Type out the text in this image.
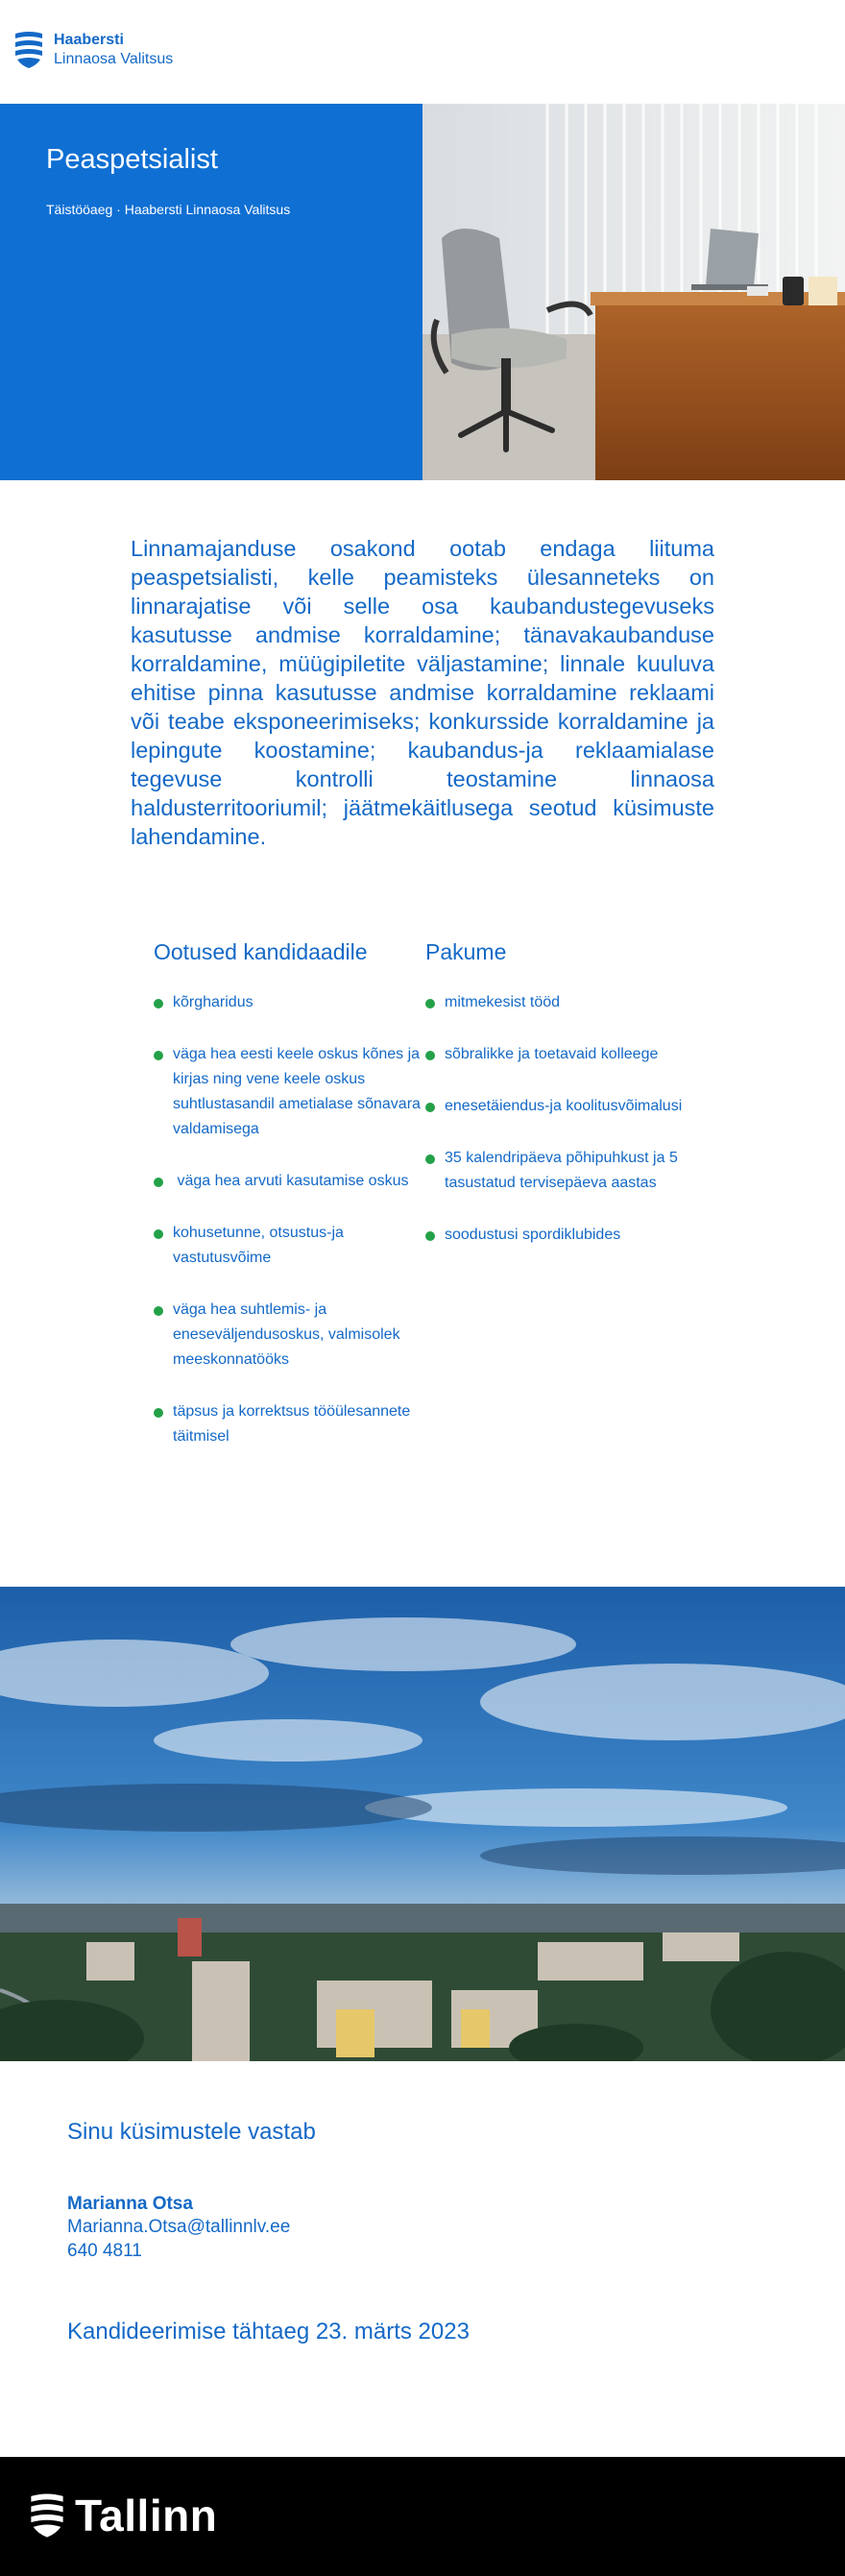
Haabersti
Linnaosa Valitsus
Peaspetsialist
Täistööaeg · Haabersti Linnaosa Valitsus
Linnamajanduse osakond ootab endaga liituma peaspetsialisti, kelle peamisteks ülesanneteks on linnarajatise või selle osa kaubandustegevuseks kasutusse andmise korraldamine; tänavakaubanduse korraldamine, müügipiletite väljastamine; linnale kuuluva ehitise pinna kasutusse andmise korraldamine reklaami või teabe eksponeerimiseks; konkursside korraldamine ja lepingute koostamine; kaubandus-ja reklaamialase tegevuse kontrolli teostamine linnaosa haldusterritooriumil; jäätmekäitlusega seotud küsimuste lahendamine.
Ootused kandidaadile
kõrgharidus
väga hea eesti keele oskus kõnes ja kirjas ning vene keele oskus suhtlustasandil ametialase sõnavara valdamisega
väga hea arvuti kasutamise oskus
kohusetunne, otsustus-ja vastutusvõime
väga hea suhtlemis- ja eneseväljendusoskus, valmisolek meeskonnatööks
täpsus ja korrektsus tööülesannete täitmisel
Pakume
mitmekesist tööd
sõbralikke ja toetavaid kolleege
enesetäiendus-ja koolitusvõimalusi
35 kalendripäeva põhipuhkust ja 5 tasustatud tervisepäeva aastas
soodustusi spordiklubides
Sinu küsimustele vastab
Marianna Otsa
Marianna.Otsa@tallinnlv.ee
640 4811
Kandideerimise tähtaeg 23. märts 2023
Tallinn
